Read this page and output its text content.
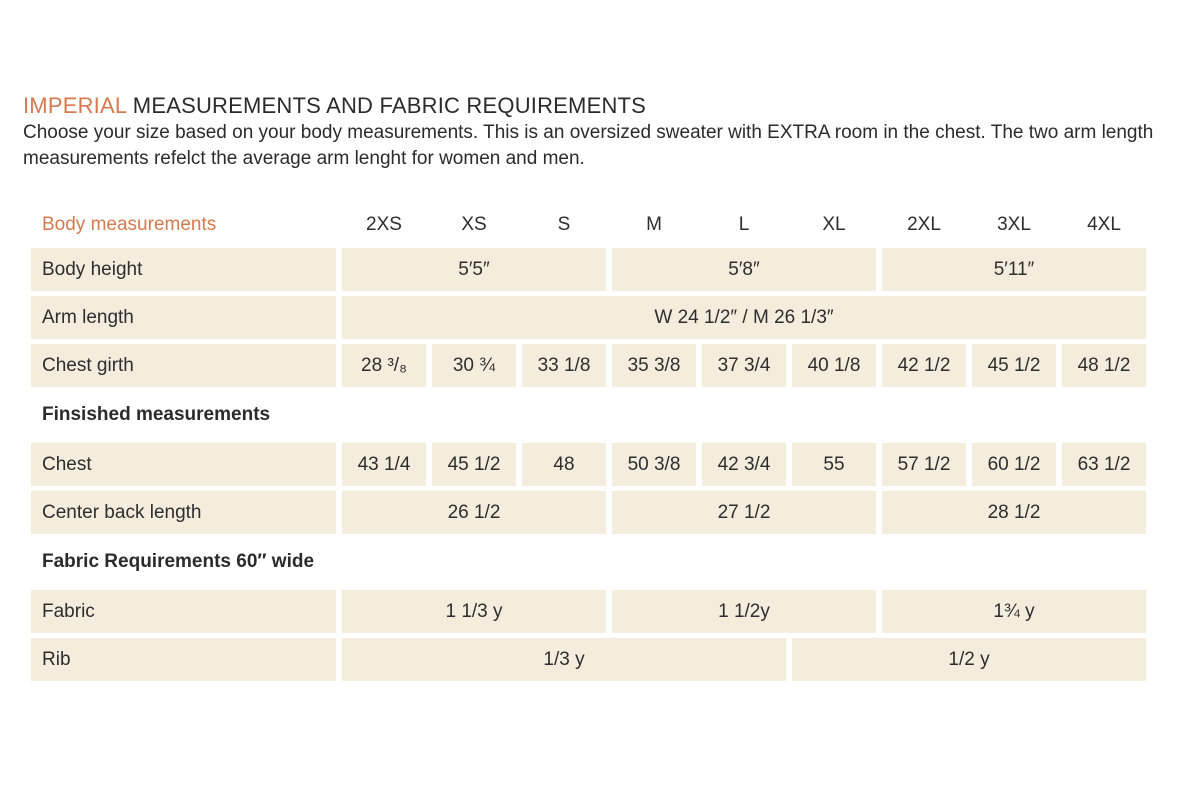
IMPERIAL MEASUREMENTS AND FABRIC REQUIREMENTS
Choose your size based on your body measurements. This is an oversized sweater with EXTRA room in the chest. The two arm length measurements refelct the average arm lenght for women and men.
Body measurements	2XS	XS	S	M	L	XL	2XL	3XL	4XL
Body height	5′5″			5′8″			5′11″		
Arm length	W 24 1/2″ / M 26 1/3″								
Chest girth	28 ³/₈	30 ¾	33 1/8	35 3/8	37 3/4	40 1/8	42 1/2	45 1/2	48 1/2
Finsished measurements									
Chest	43 1/4	45 1/2	48	50 3/8	42 3/4	55	57 1/2	60 1/2	63 1/2
Center back length	26 1/2			27 1/2			28 1/2		
Fabric Requirements 60″ wide									
Fabric	1 1/3 y			1 1/2y			1¾ y		
Rib	1/3 y					1/2 y			
